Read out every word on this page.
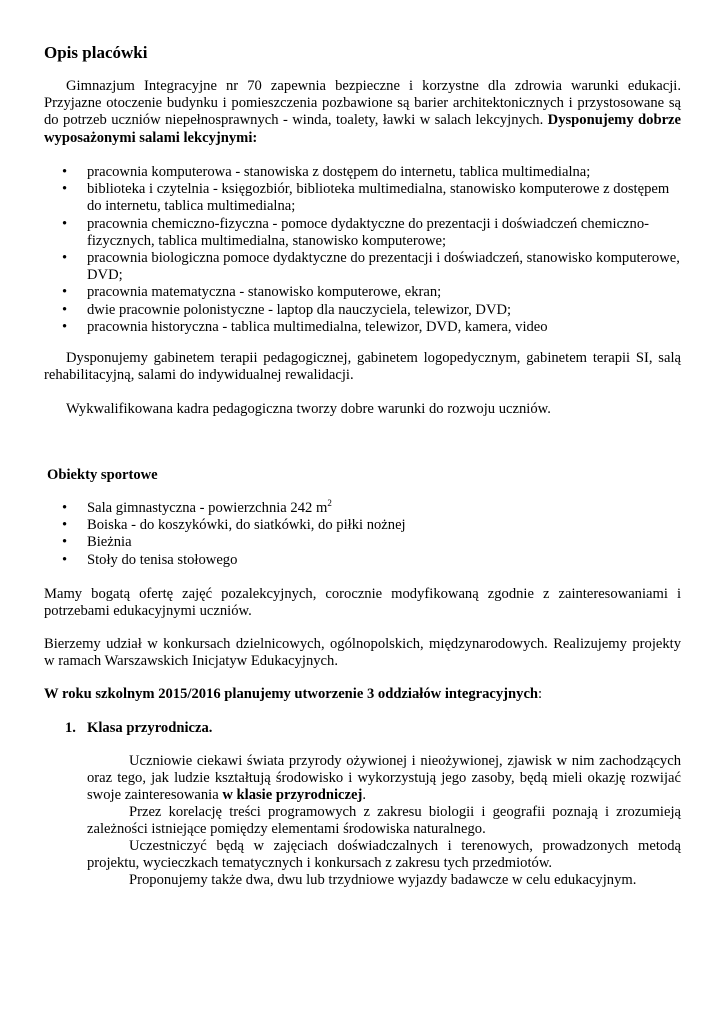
Opis placówki

Gimnazjum Integracyjne nr 70 zapewnia bezpieczne i korzystne dla zdrowia warunki edukacji. Przyjazne otoczenie budynku i pomieszczenia pozbawione są barier architektonicznych i przystosowane są do potrzeb uczniów niepełnosprawnych - winda, toalety, ławki w salach lekcyjnych. Dysponujemy dobrze wyposażonymi salami lekcyjnymi:

• pracownia komputerowa - stanowiska z dostępem do internetu, tablica multimedialna;
• biblioteka i czytelnia - księgozbiór, biblioteka multimedialna, stanowisko komputerowe z dostępem do internetu, tablica multimedialna;
• pracownia chemiczno-fizyczna - pomoce dydaktyczne do prezentacji i doświadczeń chemiczno-fizycznych, tablica multimedialna, stanowisko komputerowe;
• pracownia biologiczna pomoce dydaktyczne do prezentacji i doświadczeń, stanowisko komputerowe, DVD;
• pracownia matematyczna - stanowisko komputerowe, ekran;
• dwie pracownie polonistyczne - laptop dla nauczyciela, telewizor, DVD;
• pracownia historyczna - tablica multimedialna, telewizor, DVD, kamera, video

Dysponujemy gabinetem terapii pedagogicznej, gabinetem logopedycznym, gabinetem terapii SI, salą rehabilitacyjną, salami do indywidualnej rewalidacji.

Wykwalifikowana kadra pedagogiczna tworzy dobre warunki do rozwoju uczniów.

Obiekty sportowe

• Sala gimnastyczna - powierzchnia 242 $m^2$
• Boiska - do koszykówki, do siatkówki, do piłki nożnej
• Bieżnia
• Stoły do tenisa stołowego

Mamy bogatą ofertę zajęć pozalekcyjnych, corocznie modyfikowaną zgodnie z zainteresowaniami i potrzebami edukacyjnymi uczniów.

Bierzemy udział w konkursach dzielnicowych, ogólnopolskich, międzynarodowych. Realizujemy projekty w ramach Warszawskich Inicjatyw Edukacyjnych.

W roku szkolnym 2015/2016 planujemy utworzenie 3 oddziałów integracyjnych:

1. Klasa przyrodnicza.

Uczniowie ciekawi świata przyrody ożywionej i nieożywionej, zjawisk w nim zachodzących oraz tego, jak ludzie kształtują środowisko i wykorzystują jego zasoby, będą mieli okazję rozwijać swoje zainteresowania w klasie przyrodniczej.

Przez korelację treści programowych z zakresu biologii i geografii poznają i zrozumieją zależności istniejące pomiędzy elementami środowiska naturalnego.

Uczestniczyć będą w zajęciach doświadczalnych i terenowych, prowadzonych metodą projektu, wycieczkach tematycznych i konkursach z zakresu tych przedmiotów.

Proponujemy także dwa, dwu lub trzydniowe wyjazdy badawcze w celu edukacyjnym.
